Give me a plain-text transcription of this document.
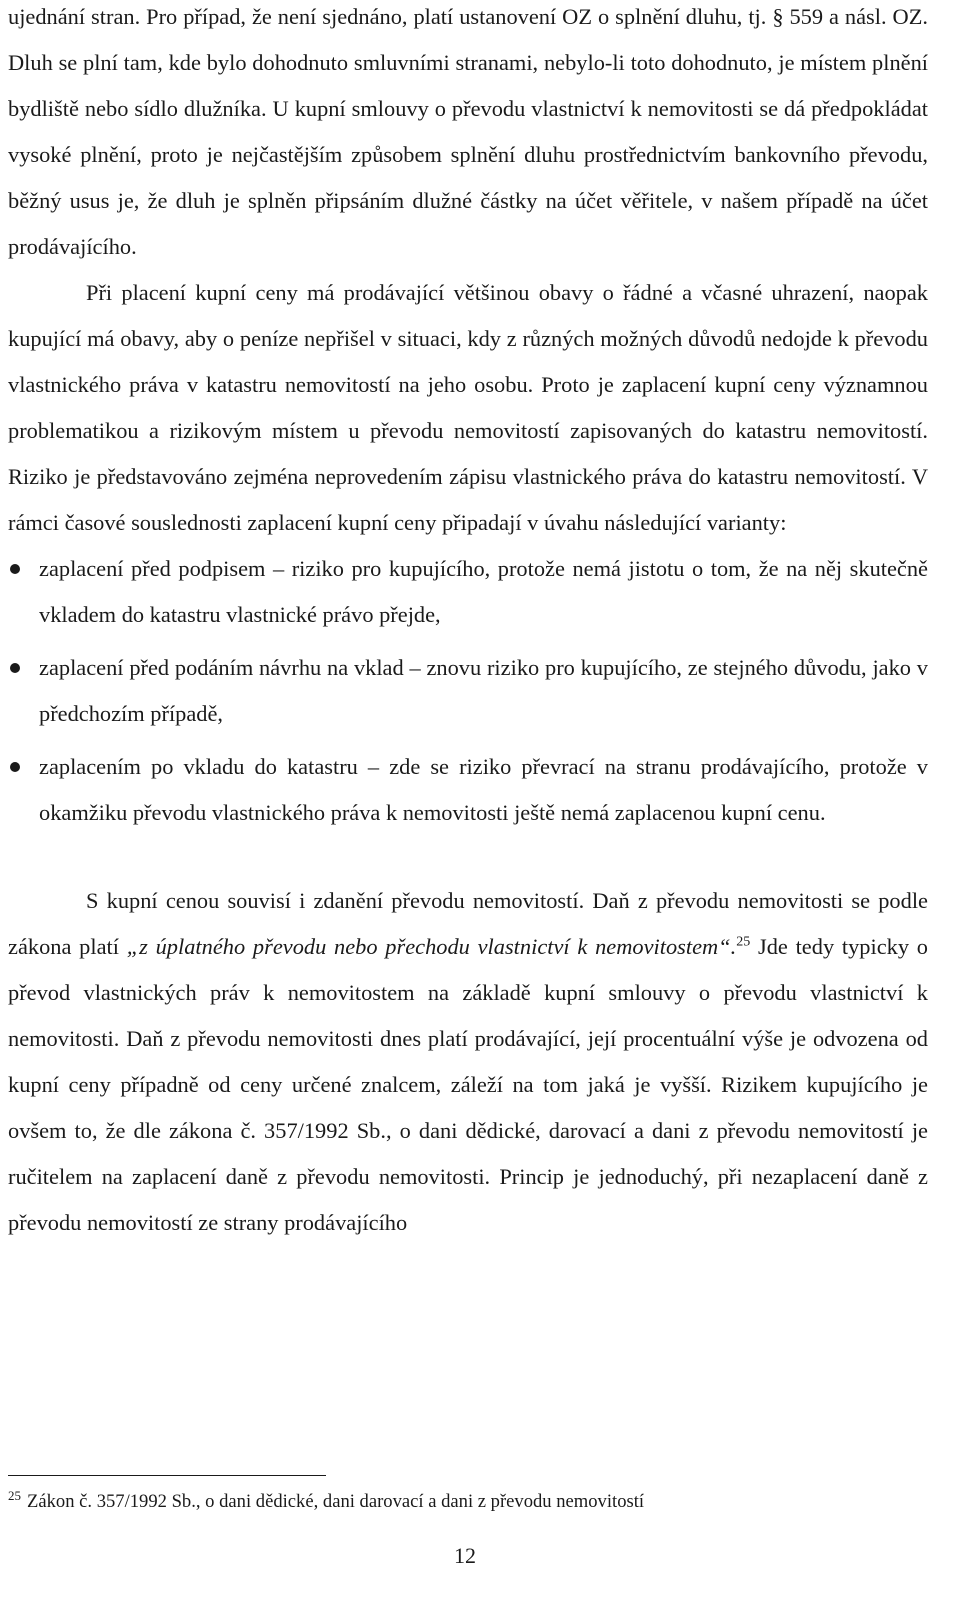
ujednání stran. Pro případ, že není sjednáno, platí ustanovení OZ o splnění dluhu, tj. § 559 a násl. OZ. Dluh se plní tam, kde bylo dohodnuto smluvními stranami, nebylo-li toto dohodnuto, je místem plnění bydliště nebo sídlo dlužníka. U kupní smlouvy o převodu vlastnictví k nemovitosti se dá předpokládat vysoké plnění, proto je nejčastějším způsobem splnění dluhu prostřednictvím bankovního převodu, běžný usus je, že dluh je splněn připsáním dlužné částky na účet věřitele, v našem případě na účet prodávajícího.

Při placení kupní ceny má prodávající většinou obavy o řádné a včasné uhrazení, naopak kupující má obavy, aby o peníze nepřišel v situaci, kdy z různých možných důvodů nedojde k převodu vlastnického práva v katastru nemovitostí na jeho osobu. Proto je zaplacení kupní ceny významnou problematikou a rizikovým místem u převodu nemovitostí zapisovaných do katastru nemovitostí. Riziko je představováno zejména neprovedením zápisu vlastnického práva do katastru nemovitostí. V rámci časové souslednosti zaplacení kupní ceny připadají v úvahu následující varianty:

zaplacení před podpisem – riziko pro kupujícího, protože nemá jistotu o tom, že na něj skutečně vkladem do katastru vlastnické právo přejde,
zaplacení před podáním návrhu na vklad – znovu riziko pro kupujícího, ze stejného důvodu, jako v předchozím případě,
zaplacením po vkladu do katastru – zde se riziko převrací na stranu prodávajícího, protože v okamžiku převodu vlastnického práva k nemovitosti ještě nemá zaplacenou kupní cenu.

S kupní cenou souvisí i zdanění převodu nemovitostí. Daň z převodu nemovitosti se podle zákona platí „z úplatného převodu nebo přechodu vlastnictví k nemovitostem“.$^{25}$ Jde tedy typicky o převod vlastnických práv k nemovitostem na základě kupní smlouvy o převodu vlastnictví k nemovitosti. Daň z převodu nemovitosti dnes platí prodávající, její procentuální výše je odvozena od kupní ceny případně od ceny určené znalcem, záleží na tom jaká je vyšší. Rizikem kupujícího je ovšem to, že dle zákona č. 357/1992 Sb., o dani dědické, darovací a dani z převodu nemovitostí je ručitelem na zaplacení daně z převodu nemovitosti. Princip je jednoduchý, při nezaplacení daně z převodu nemovitostí ze strany prodávajícího

$^{25}$ Zákon č. 357/1992 Sb., o dani dědické, dani darovací a dani z převodu nemovitostí
12
